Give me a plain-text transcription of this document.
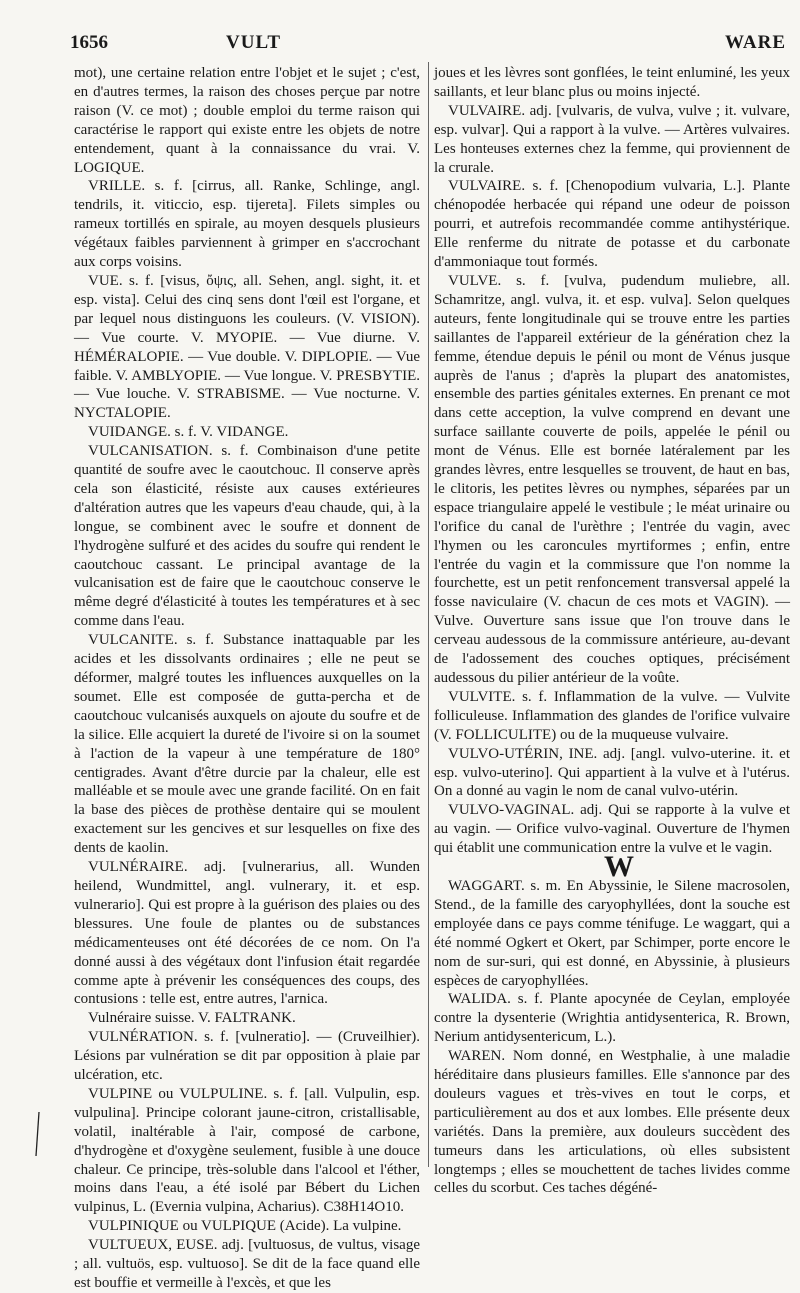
1656	VULT	WARE

mot), une certaine relation entre l'objet et le sujet ; c'est, en d'autres termes, la raison des choses perçue par notre raison (V. ce mot) ; double emploi du terme raison qui caractérise le rapport qui existe entre les objets de notre entendement, quant à la connaissance du vrai. V. LOGIQUE.

VRILLE. s. f. [cirrus, all. Ranke, Schlinge, angl. tendrils, it. viticcio, esp. tijereta]. Filets simples ou rameux tortillés en spirale, au moyen desquels plusieurs végétaux faibles parviennent à grimper en s'accrochant aux corps voisins.

VUE. s. f. [visus, ὄψις, all. Sehen, angl. sight, it. et esp. vista]. Celui des cinq sens dont l'œil est l'organe, et par lequel nous distinguons les couleurs. (V. VISION). — Vue courte. V. MYOPIE. — Vue diurne. V. HÉMÉRALOPIE. — Vue double. V. DIPLOPIE. — Vue faible. V. AMBLYOPIE. — Vue longue. V. PRESBYTIE. — Vue louche. V. STRABISME. — Vue nocturne. V. NYCTALOPIE.

VUIDANGE. s. f. V. VIDANGE.

VULCANISATION. s. f. Combinaison d'une petite quantité de soufre avec le caoutchouc. Il conserve après cela son élasticité, résiste aux causes extérieures d'altération autres que les vapeurs d'eau chaude, qui, à la longue, se combinent avec le soufre et donnent de l'hydrogène sulfuré et des acides du soufre qui rendent le caoutchouc cassant. Le principal avantage de la vulcanisation est de faire que le caoutchouc conserve le même degré d'élasticité à toutes les températures et à sec comme dans l'eau.

VULCANITE. s. f. Substance inattaquable par les acides et les dissolvants ordinaires ; elle ne peut se déformer, malgré toutes les influences auxquelles on la soumet. Elle est composée de gutta-percha et de caoutchouc vulcanisés auxquels on ajoute du soufre et de la silice. Elle acquiert la dureté de l'ivoire si on la soumet à l'action de la vapeur à une température de 180° centigrades. Avant d'être durcie par la chaleur, elle est malléable et se moule avec une grande facilité. On en fait la base des pièces de prothèse dentaire qui se moulent exactement sur les gencives et sur lesquelles on fixe des dents de kaolin.

VULNÉRAIRE. adj. [vulnerarius, all. Wunden heilend, Wundmittel, angl. vulnerary, it. et esp. vulnerario]. Qui est propre à la guérison des plaies ou des blessures. Une foule de plantes ou de substances médicamenteuses ont été décorées de ce nom. On l'a donné aussi à des végétaux dont l'infusion était regardée comme apte à prévenir les conséquences des coups, des contusions : telle est, entre autres, l'arnica.

Vulnéraire suisse. V. FALTRANK.

VULNÉRATION. s. f. [vulneratio]. — (Cruveilhier). Lésions par vulnération se dit par opposition à plaie par ulcération, etc.

VULPINE ou VULPULINE. s. f. [all. Vulpulin, esp. vulpulina]. Principe colorant jaune-citron, cristallisable, volatil, inaltérable à l'air, composé de carbone, d'hydrogène et d'oxygène seulement, fusible à une douce chaleur. Ce principe, très-soluble dans l'alcool et l'éther, moins dans l'eau, a été isolé par Bébert du Lichen vulpinus, L. (Evernia vulpina, Acharius). C38H14O10.

VULPINIQUE ou VULPIQUE (Acide). La vulpine.

VULTUEUX, EUSE. adj. [vultuosus, de vultus, visage ; all. vultuös, esp. vultuoso]. Se dit de la face quand elle est bouffie et vermeille à l'excès, et que les

joues et les lèvres sont gonflées, le teint enluminé, les yeux saillants, et leur blanc plus ou moins injecté.

VULVAIRE. adj. [vulvaris, de vulva, vulve ; it. vulvare, esp. vulvar]. Qui a rapport à la vulve. — Artères vulvaires. Les honteuses externes chez la femme, qui proviennent de la crurale.

VULVAIRE. s. f. [Chenopodium vulvaria, L.]. Plante chénopodée herbacée qui répand une odeur de poisson pourri, et autrefois recommandée comme antihystérique. Elle renferme du nitrate de potasse et du carbonate d'ammoniaque tout formés.

VULVE. s. f. [vulva, pudendum muliebre, all. Schamritze, angl. vulva, it. et esp. vulva]. Selon quelques auteurs, fente longitudinale qui se trouve entre les parties saillantes de l'appareil extérieur de la génération chez la femme, étendue depuis le pénil ou mont de Vénus jusque auprès de l'anus ; d'après la plupart des anatomistes, ensemble des parties génitales externes. En prenant ce mot dans cette acception, la vulve comprend en devant une surface saillante couverte de poils, appelée le pénil ou mont de Vénus. Elle est bornée latéralement par les grandes lèvres, entre lesquelles se trouvent, de haut en bas, le clitoris, les petites lèvres ou nymphes, séparées par un espace triangulaire appelé le vestibule ; le méat urinaire ou l'orifice du canal de l'urèthre ; l'entrée du vagin, avec l'hymen ou les caroncules myrtiformes ; enfin, entre l'entrée du vagin et la commissure que l'on nomme la fourchette, est un petit renfoncement transversal appelé la fosse naviculaire (V. chacun de ces mots et VAGIN). — Vulve. Ouverture sans issue que l'on trouve dans le cerveau audessous de la commissure antérieure, au-devant de l'adossement des couches optiques, précisément audessous du pilier antérieur de la voûte.

VULVITE. s. f. Inflammation de la vulve. — Vulvite folliculeuse. Inflammation des glandes de l'orifice vulvaire (V. FOLLICULITE) ou de la muqueuse vulvaire.

VULVO-UTÉRIN, INE. adj. [angl. vulvo-uterine. it. et esp. vulvo-uterino]. Qui appartient à la vulve et à l'utérus. On a donné au vagin le nom de canal vulvo-utérin.

VULVO-VAGINAL. adj. Qui se rapporte à la vulve et au vagin. — Orifice vulvo-vaginal. Ouverture de l'hymen qui établit une communication entre la vulve et le vagin.

W

WAGGART. s. m. En Abyssinie, le Silene macrosolen, Stend., de la famille des caryophyllées, dont la souche est employée dans ce pays comme ténifuge. Le waggart, qui a été nommé Ogkert et Okert, par Schimper, porte encore le nom de sur-suri, qui est donné, en Abyssinie, à plusieurs espèces de caryophyllées.

WALIDA. s. f. Plante apocynée de Ceylan, employée contre la dysenterie (Wrightia antidysenterica, R. Brown, Nerium antidysentericum, L.).

WAREN. Nom donné, en Westphalie, à une maladie héréditaire dans plusieurs familles. Elle s'annonce par des douleurs vagues et très-vives en tout le corps, et particulièrement au dos et aux lombes. Elle présente deux variétés. Dans la première, aux douleurs succèdent des tumeurs dans les articulations, où elles subsistent longtemps ; elles se mouchettent de taches livides comme celles du scorbut. Ces taches dégéné-
